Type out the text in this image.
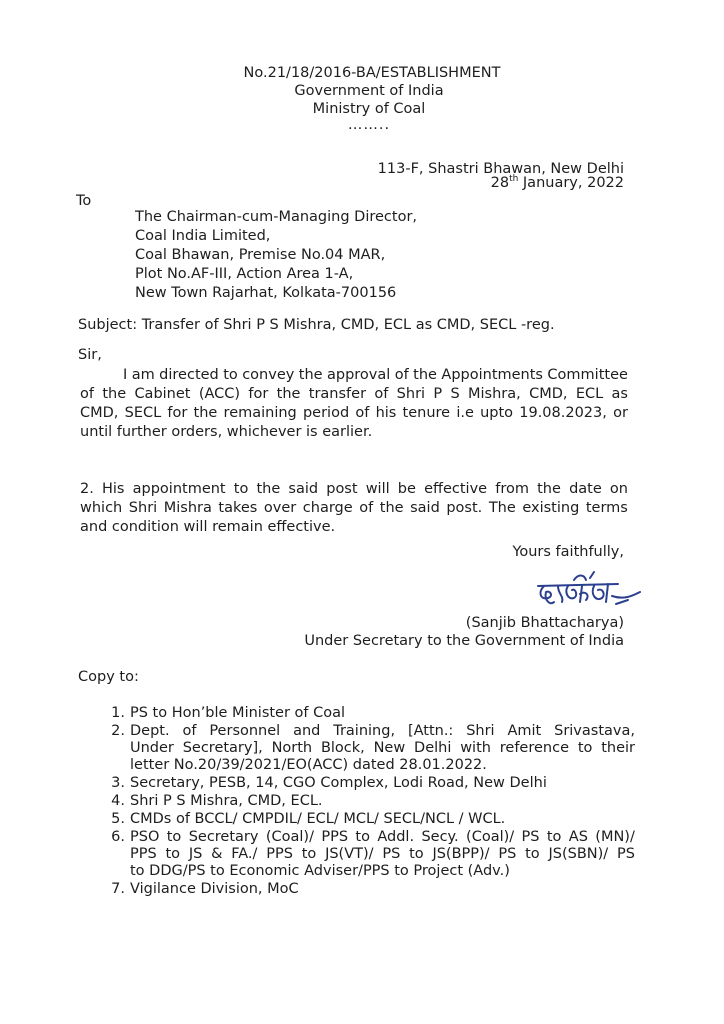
No.21/18/2016-BA/ESTABLISHMENT
Government of India
Ministry of Coal
……..
113-F, Shastri Bhawan, New Delhi
28th January, 2022
To
The Chairman-cum-Managing Director,
Coal India Limited,
Coal Bhawan, Premise No.04 MAR,
Plot No.AF-III, Action Area 1-A,
New Town Rajarhat, Kolkata-700156
Subject: Transfer of Shri P S Mishra, CMD, ECL as CMD, SECL -reg.
Sir,
I am directed to convey the approval of the Appointments Committee
of the Cabinet (ACC) for the transfer of Shri P S Mishra, CMD, ECL as
CMD, SECL for the remaining period of his tenure i.e upto 19.08.2023, or
until further orders, whichever is earlier.
2. His appointment to the said post will be effective from the date on
which Shri Mishra takes over charge of the said post. The existing terms
and condition will remain effective.
Yours faithfully,
(Sanjib Bhattacharya)
Under Secretary to the Government of India
Copy to:
1. PS to Hon’ble Minister of Coal
2. Dept. of Personnel and Training, [Attn.: Shri Amit Srivastava,
Under Secretary], North Block, New Delhi with reference to their
letter No.20/39/2021/EO(ACC) dated 28.01.2022.
3. Secretary, PESB, 14, CGO Complex, Lodi Road, New Delhi
4. Shri P S Mishra, CMD, ECL.
5. CMDs of BCCL/ CMPDIL/ ECL/ MCL/ SECL/NCL / WCL.
6. PSO to Secretary (Coal)/ PPS to Addl. Secy. (Coal)/ PS to AS (MN)/
PPS to JS & FA./ PPS to JS(VT)/ PS to JS(BPP)/ PS to JS(SBN)/ PS
to DDG/PS to Economic Adviser/PPS to Project (Adv.)
7. Vigilance Division, MoC
